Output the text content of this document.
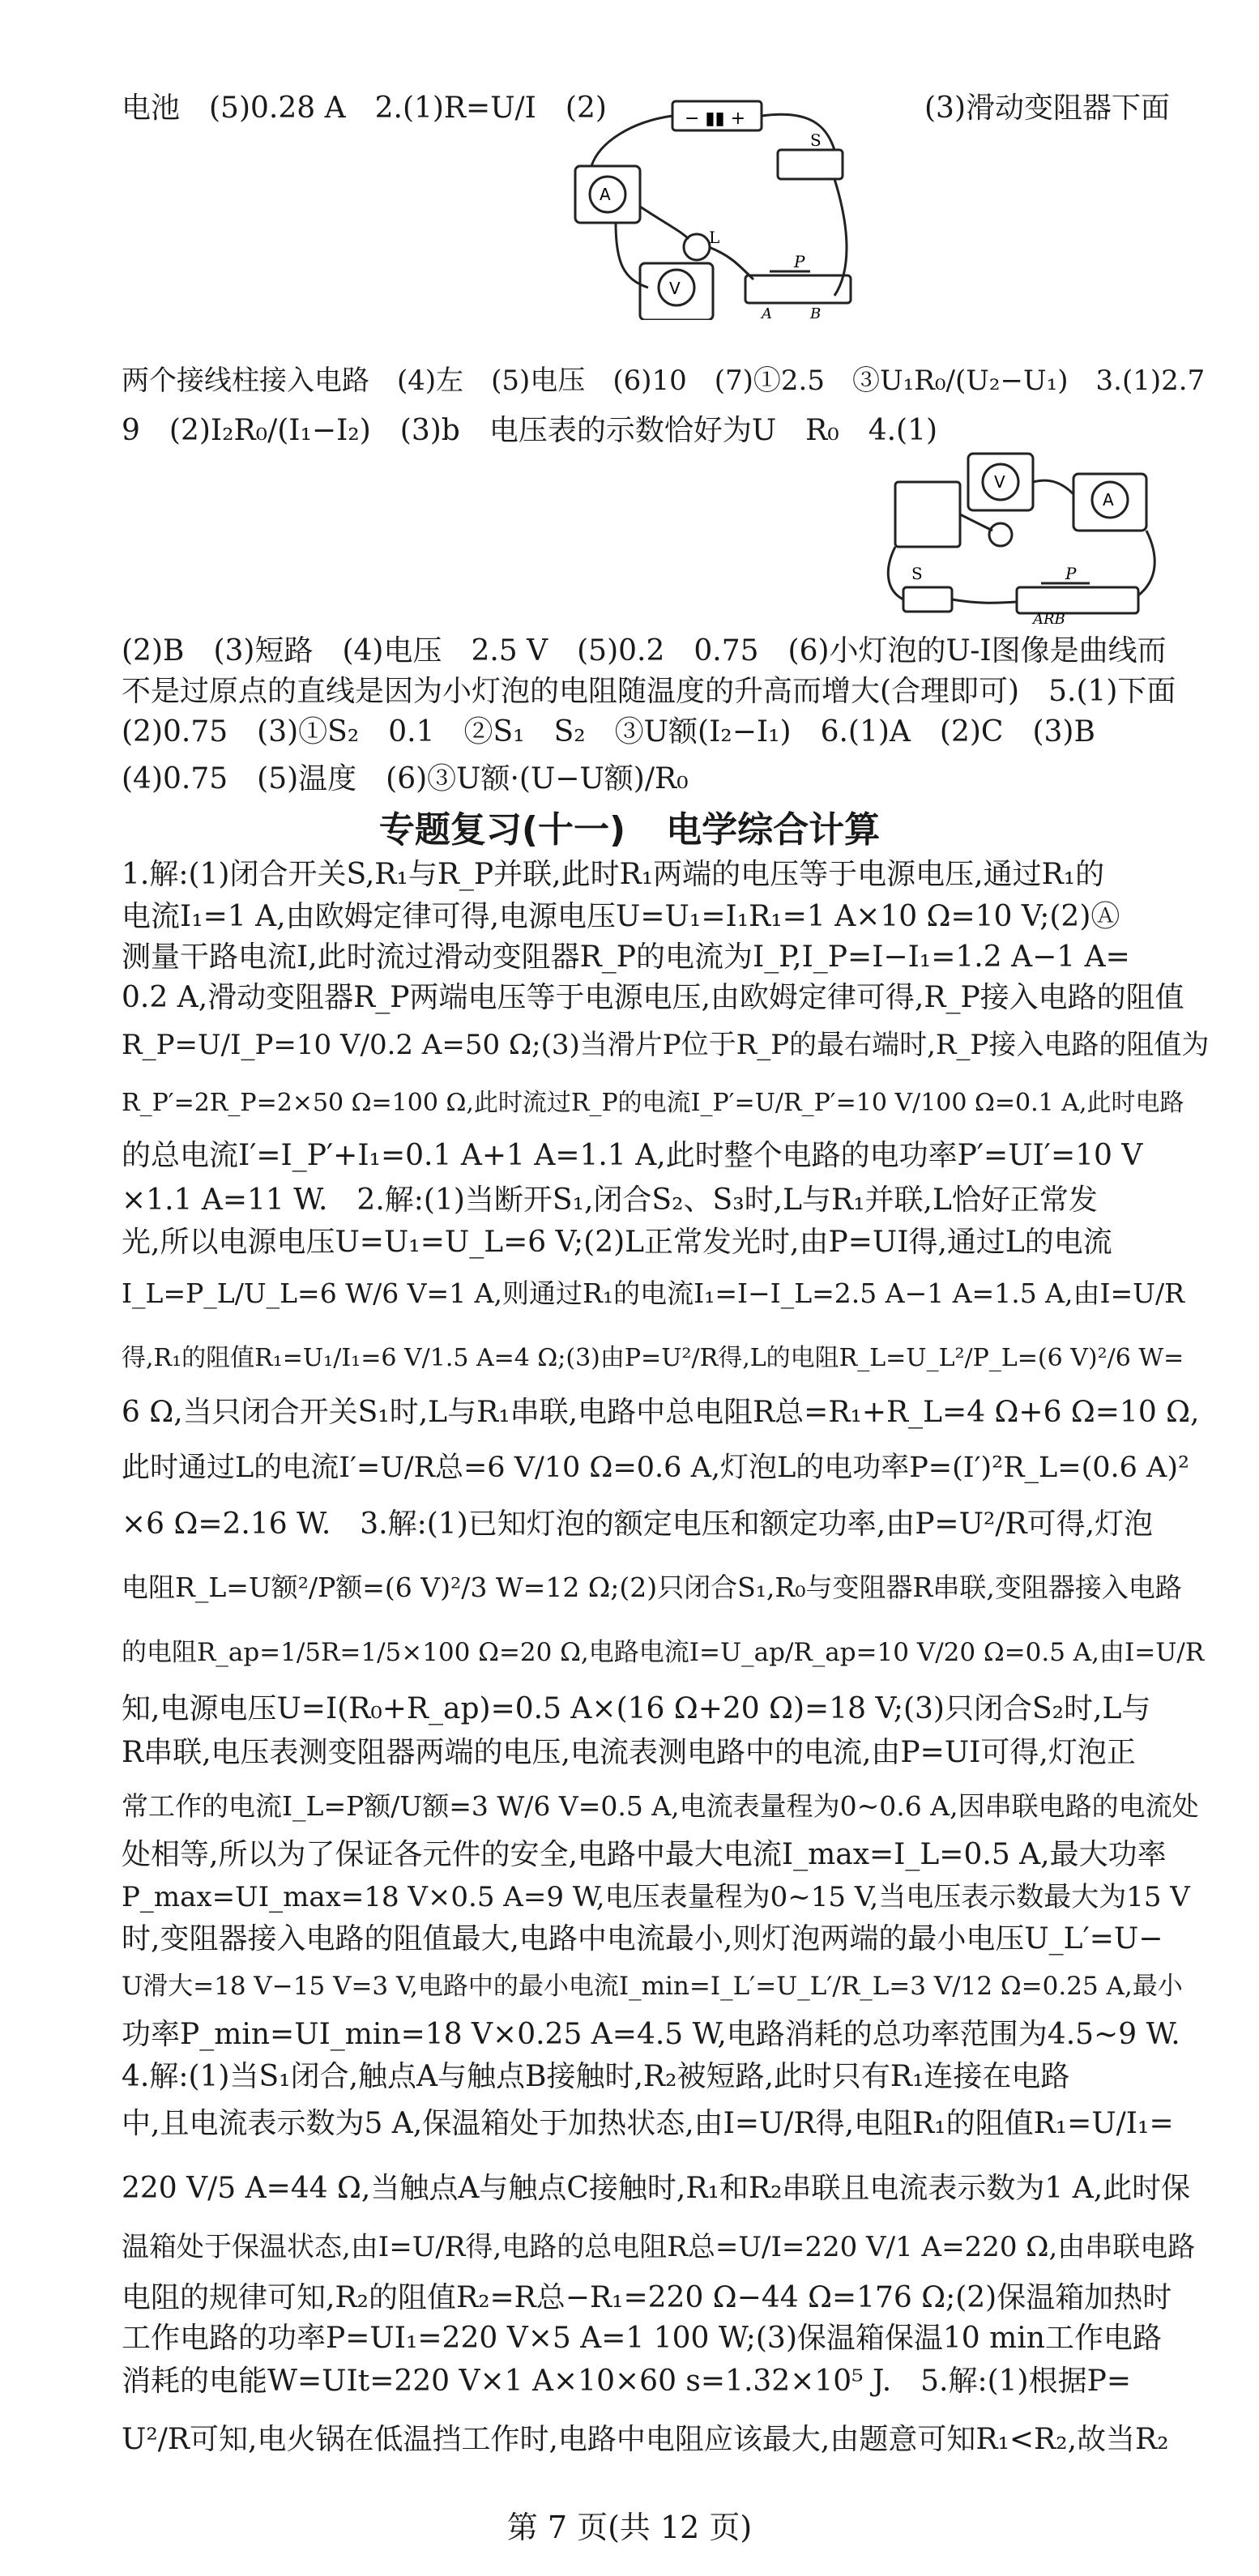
电池　(5)0.28 A　2.(1)R=U/I　(2)	(3)滑动变阻器下面
− ▮▮ +
A
V
L
S
P
A	B
两个接线柱接入电路　(4)左　(5)电压　(6)10　(7)①2.5　③U₁R₀/(U₂−U₁)　3.(1)2.7
9　(2)I₂R₀/(I₁−I₂)　(3)b　电压表的示数恰好为U　R₀　4.(1)
V
A
S	P
ARB
(2)B　(3)短路　(4)电压　2.5 V　(5)0.2　0.75　(6)小灯泡的U-I图像是曲线而
不是过原点的直线是因为小灯泡的电阻随温度的升高而增大(合理即可)　5.(1)下面
(2)0.75　(3)①S₂　0.1　②S₁　S₂　③U额(I₂−I₁)　6.(1)A　(2)C　(3)B
(4)0.75　(5)温度　(6)③U额·(U−U额)/R₀
专题复习(十一) 电学综合计算
1.解:(1)闭合开关S,R₁与R_P并联,此时R₁两端的电压等于电源电压,通过R₁的
电流I₁=1 A,由欧姆定律可得,电源电压U=U₁=I₁R₁=1 A×10 Ω=10 V;(2)Ⓐ
测量干路电流I,此时流过滑动变阻器R_P的电流为I_P,I_P=I−I₁=1.2 A−1 A=
0.2 A,滑动变阻器R_P两端电压等于电源电压,由欧姆定律可得,R_P接入电路的阻值
R_P=U/I_P=10 V/0.2 A=50 Ω;(3)当滑片P位于R_P的最右端时,R_P接入电路的阻值为
R_P′=2R_P=2×50 Ω=100 Ω,此时流过R_P的电流I_P′=U/R_P′=10 V/100 Ω=0.1 A,此时电路
的总电流I′=I_P′+I₁=0.1 A+1 A=1.1 A,此时整个电路的电功率P′=UI′=10 V
×1.1 A=11 W.　2.解:(1)当断开S₁,闭合S₂、S₃时,L与R₁并联,L恰好正常发
光,所以电源电压U=U₁=U_L=6 V;(2)L正常发光时,由P=UI得,通过L的电流
I_L=P_L/U_L=6 W/6 V=1 A,则通过R₁的电流I₁=I−I_L=2.5 A−1 A=1.5 A,由I=U/R
得,R₁的阻值R₁=U₁/I₁=6 V/1.5 A=4 Ω;(3)由P=U²/R得,L的电阻R_L=U_L²/P_L=(6 V)²/6 W=
6 Ω,当只闭合开关S₁时,L与R₁串联,电路中总电阻R总=R₁+R_L=4 Ω+6 Ω=10 Ω,
此时通过L的电流I′=U/R总=6 V/10 Ω=0.6 A,灯泡L的电功率P=(I′)²R_L=(0.6 A)²
×6 Ω=2.16 W.　3.解:(1)已知灯泡的额定电压和额定功率,由P=U²/R可得,灯泡
电阻R_L=U额²/P额=(6 V)²/3 W=12 Ω;(2)只闭合S₁,R₀与变阻器R串联,变阻器接入电路
的电阻R_ap=1/5R=1/5×100 Ω=20 Ω,电路电流I=U_ap/R_ap=10 V/20 Ω=0.5 A,由I=U/R
知,电源电压U=I(R₀+R_ap)=0.5 A×(16 Ω+20 Ω)=18 V;(3)只闭合S₂时,L与
R串联,电压表测变阻器两端的电压,电流表测电路中的电流,由P=UI可得,灯泡正
常工作的电流I_L=P额/U额=3 W/6 V=0.5 A,电流表量程为0~0.6 A,因串联电路的电流处
处相等,所以为了保证各元件的安全,电路中最大电流I_max=I_L=0.5 A,最大功率
P_max=UI_max=18 V×0.5 A=9 W,电压表量程为0~15 V,当电压表示数最大为15 V
时,变阻器接入电路的阻值最大,电路中电流最小,则灯泡两端的最小电压U_L′=U−
U滑大=18 V−15 V=3 V,电路中的最小电流I_min=I_L′=U_L′/R_L=3 V/12 Ω=0.25 A,最小
功率P_min=UI_min=18 V×0.25 A=4.5 W,电路消耗的总功率范围为4.5~9 W.
4.解:(1)当S₁闭合,触点A与触点B接触时,R₂被短路,此时只有R₁连接在电路
中,且电流表示数为5 A,保温箱处于加热状态,由I=U/R得,电阻R₁的阻值R₁=U/I₁=
220 V/5 A=44 Ω,当触点A与触点C接触时,R₁和R₂串联且电流表示数为1 A,此时保
温箱处于保温状态,由I=U/R得,电路的总电阻R总=U/I=220 V/1 A=220 Ω,由串联电路
电阻的规律可知,R₂的阻值R₂=R总−R₁=220 Ω−44 Ω=176 Ω;(2)保温箱加热时
工作电路的功率P=UI₁=220 V×5 A=1 100 W;(3)保温箱保温10 min工作电路
消耗的电能W=UIt=220 V×1 A×10×60 s=1.32×10⁵ J.　5.解:(1)根据P=
U²/R可知,电火锅在低温挡工作时,电路中电阻应该最大,由题意可知R₁<R₂,故当R₂
第 7 页(共 12 页)
